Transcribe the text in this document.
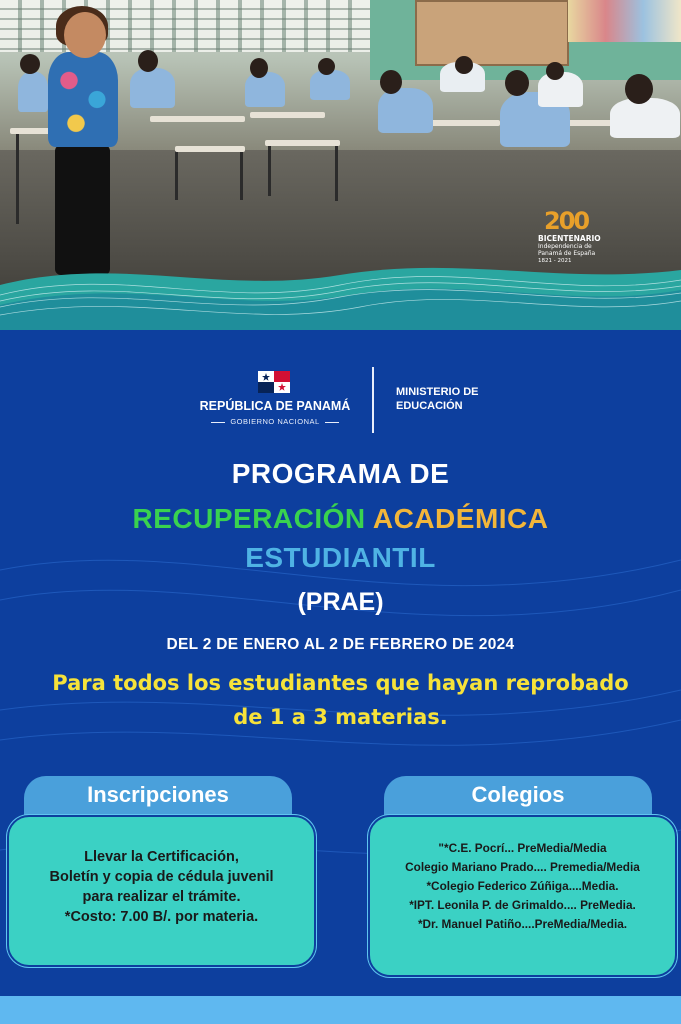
200
BICENTENARIO
Independencia de
Panamá de España
1821 - 2021
REPÚBLICA DE PANAMÁ
GOBIERNO NACIONAL
MINISTERIO DE
EDUCACIÓN
PROGRAMA DE
RECUPERACIÓN ACADÉMICA
ESTUDIANTIL
(PRAE)
DEL 2 DE ENERO AL 2 DE FEBRERO DE 2024
Para todos los estudiantes que hayan reprobado
de 1 a 3 materias.
Inscripciones
Llevar la Certificación,
Boletín y copia de cédula juvenil
para realizar el trámite.
*Costo: 7.00 B/. por materia.
Colegios
"*C.E. Pocrí... PreMedia/Media
Colegio Mariano Prado.... Premedia/Media
*Colegio Federico Zúñiga....Media.
*IPT. Leonila P. de Grimaldo.... PreMedia.
*Dr. Manuel Patiño....PreMedia/Media.
